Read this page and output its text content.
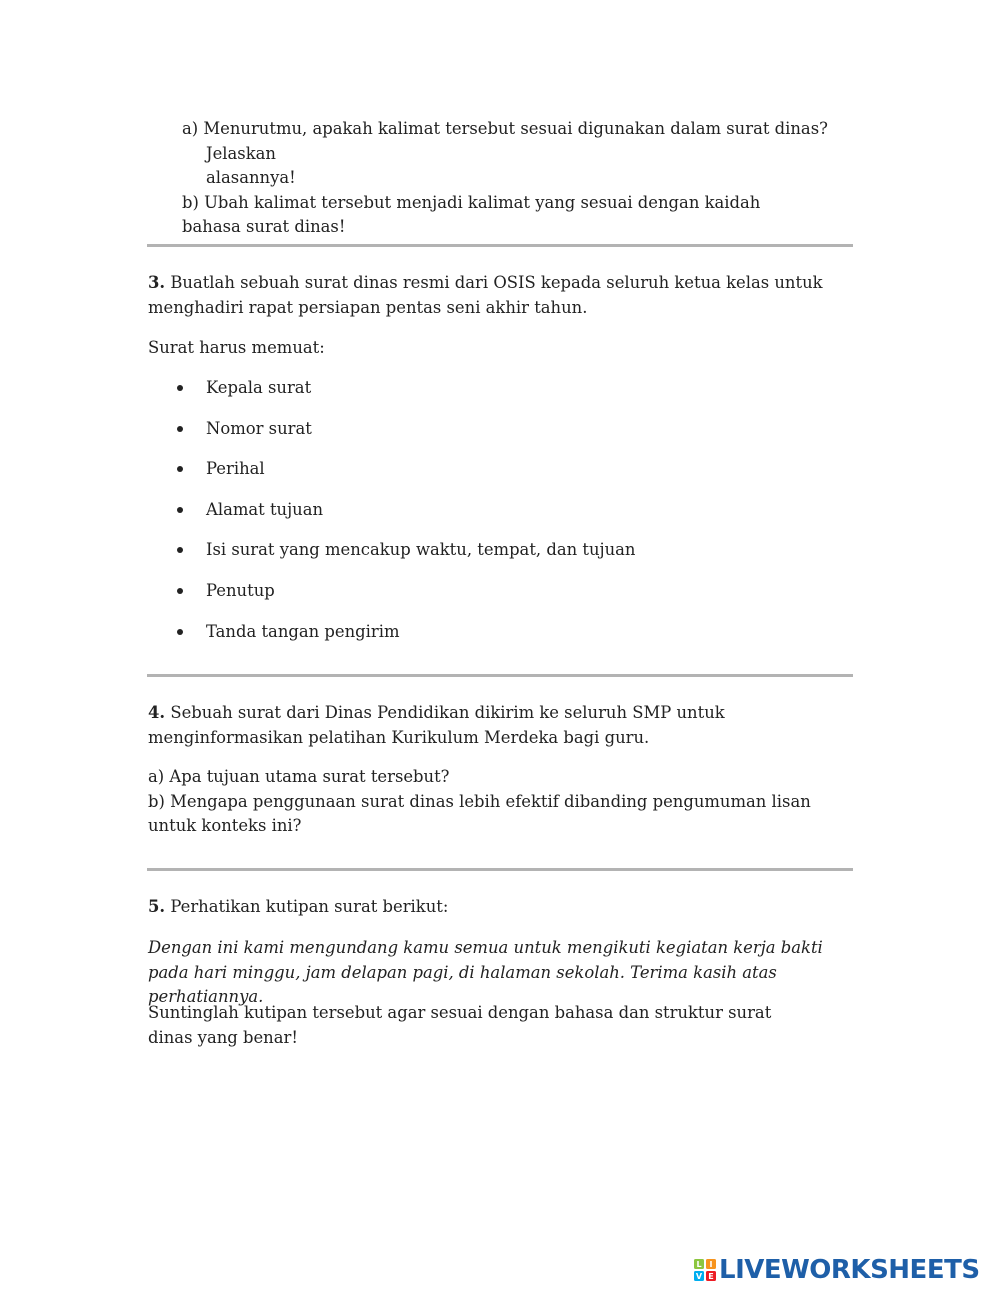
a) Menurutmu, apakah kalimat tersebut sesuai digunakan dalam surat dinas? Jelaskan
alasannya!
b) Ubah kalimat tersebut menjadi kalimat yang sesuai dengan kaidah bahasa surat dinas!

3. Buatlah sebuah surat dinas resmi dari OSIS kepada seluruh ketua kelas untuk menghadiri rapat persiapan pentas seni akhir tahun.

Surat harus memuat:

Kepala surat
Nomor surat
Perihal
Alamat tujuan
Isi surat yang mencakup waktu, tempat, dan tujuan
Penutup
Tanda tangan pengirim

4. Sebuah surat dari Dinas Pendidikan dikirim ke seluruh SMP untuk menginformasikan pelatihan Kurikulum Merdeka bagi guru.

a) Apa tujuan utama surat tersebut?
b) Mengapa penggunaan surat dinas lebih efektif dibanding pengumuman lisan untuk konteks ini?

5. Perhatikan kutipan surat berikut:

Dengan ini kami mengundang kamu semua untuk mengikuti kegiatan kerja bakti pada hari minggu, jam delapan pagi, di halaman sekolah. Terima kasih atas perhatiannya.

Suntinglah kutipan tersebut agar sesuai dengan bahasa dan struktur surat dinas yang benar!

L I
V E LIVEWORKSHEETS
